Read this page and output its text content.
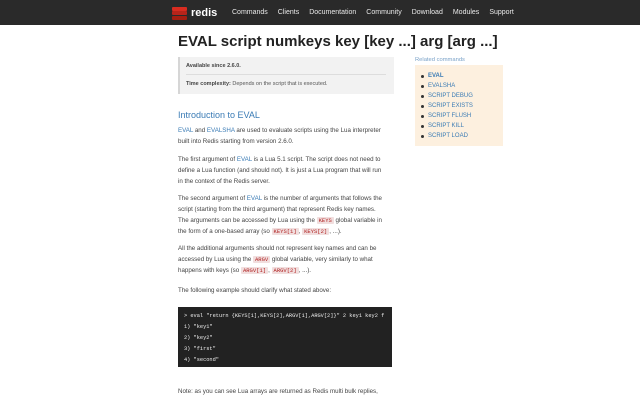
redis Commands Clients Documentation Community Download Modules Support
EVAL script numkeys key [key ...] arg [arg ...]
Available since 2.6.0.
Time complexity: Depends on the script that is executed.
Introduction to EVAL
EVAL and EVALSHA are used to evaluate scripts using the Lua interpreter
built into Redis starting from version 2.6.0.
The first argument of EVAL is a Lua 5.1 script. The script does not need to
define a Lua function (and should not). It is just a Lua program that will run
in the context of the Redis server.
The second argument of EVAL is the number of arguments that follows the
script (starting from the third argument) that represent Redis key names.
The arguments can be accessed by Lua using the KEYS global variable in
the form of a one-based array (so KEYS[1] , KEYS[2] , ...).
All the additional arguments should not represent key names and can be
accessed by Lua using the ARGV global variable, very similarly to what
happens with keys (so ARGV[1] , ARGV[2] , ...).
The following example should clarify what stated above:
> eval "return {KEYS[1],KEYS[2],ARGV[1],ARGV[2]}" 2 key1 key2 f
1) "key1"
2) "key2"
3) "first"
4) "second"
Note: as you can see Lua arrays are returned as Redis multi bulk replies,
Related commands
EVAL
EVALSHA
SCRIPT DEBUG
SCRIPT EXISTS
SCRIPT FLUSH
SCRIPT KILL
SCRIPT LOAD
